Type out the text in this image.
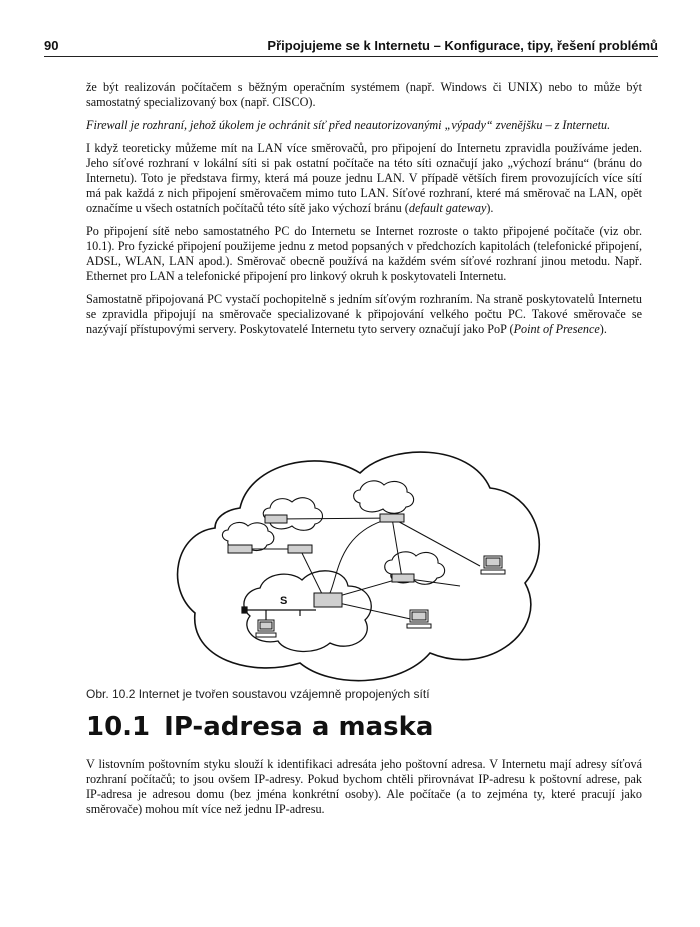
90	Připojujeme se k Internetu – Konfigurace, tipy, řešení problémů

že být realizován počítačem s běžným operačním systémem (např. Windows či UNIX) nebo to může být samostatný specializovaný box (např. CISCO).

Firewall je rozhraní, jehož úkolem je ochránit síť před neautorizovanými „výpady“ zvenějšku – z Internetu.

I když teoreticky můžeme mít na LAN více směrovačů, pro připojení do Internetu zpravidla používáme jeden. Jeho síťové rozhraní v lokální síti si pak ostatní počítače na této síti označují jako „výchozí bránu“ (bránu do Internetu). Toto je představa firmy, která má pouze jednu LAN. V případě větších firem provozujících více sítí má pak každá z nich připojení směrovačem mimo tuto LAN. Síťové rozhraní, které má směrovač na LAN, opět označíme u všech ostatních počítačů této sítě jako výchozí bránu (default gateway).

Po připojení sítě nebo samostatného PC do Internetu se Internet rozroste o takto připojené počítače (viz obr. 10.1). Pro fyzické připojení použijeme jednu z metod popsaných v předchozích kapitolách (telefonické připojení, ADSL, WLAN, LAN apod.). Směrovač obecně používá na každém svém síťové rozhraní jinou metodu. Např. Ethernet pro LAN a telefonické připojení pro linkový okruh k poskytovateli Internetu.

Samostatně připojovaná PC vystačí pochopitelně s jedním síťovým rozhraním. Na straně poskytovatelů Internetu se zpravidla připojují na směrovače specializované k připojování velkého počtu PC. Takové směrovače se nazývají přístupovými servery. Poskytovatelé Internetu tyto servery označují jako PoP (Point of Presence).

S
Obr. 10.2 Internet je tvořen soustavou vzájemně propojených sítí
10.1 IP-adresa a maska

V listovním poštovním styku slouží k identifikaci adresáta jeho poštovní adresa. V Internetu mají adresy síťová rozhraní počítačů; to jsou ovšem IP-adresy. Pokud bychom chtěli přirovnávat IP-adresu k poštovní adrese, pak IP-adresa je adresou domu (bez jména konkrétní osoby). Ale počítače (a to zejména ty, které pracují jako směrovače) mohou mít více než jednu IP-adresu.
